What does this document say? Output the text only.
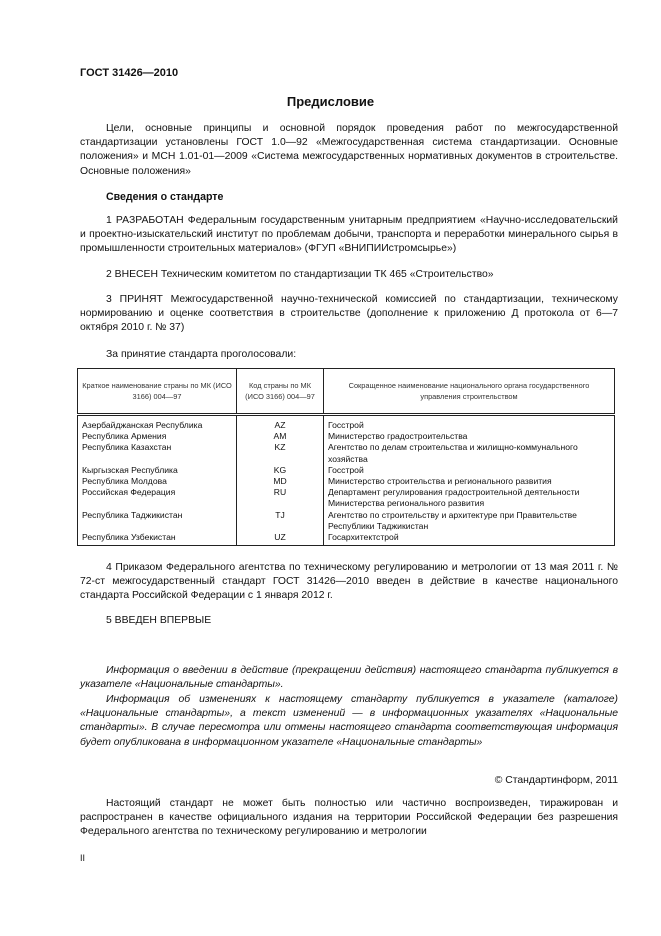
ГОСТ 31426—2010
Предисловие

Цели, основные принципы и основной порядок проведения работ по межгосударственной стандартизации установлены ГОСТ 1.0—92 «Межгосударственная система стандартизации. Основные положения» и МСН 1.01-01—2009 «Система межгосударственных нормативных документов в строительстве. Основные положения»

Сведения о стандарте

1 РАЗРАБОТАН Федеральным государственным унитарным предприятием «Научно-исследовательский и проектно-изыскательский институт по проблемам добычи, транспорта и переработки минерального сырья в промышленности строительных материалов» (ФГУП «ВНИПИИстромсырье»)

2 ВНЕСЕН Техническим комитетом по стандартизации ТК 465 «Строительство»

3 ПРИНЯТ Межгосударственной научно-технической комиссией по стандартизации, техническому нормированию и оценке соответствия в строительстве (дополнение к приложению Д протокола от 6—7 октября 2010 г. № 37)

За принятие стандарта проголосовали:

Краткое наименование страны по МК (ИСО 3166) 004—97	Код страны по МК (ИСО 3166) 004—97	Сокращенное наименование национального органа государственного управления строительством
Азербайджанская Республика	AZ	Госстрой
Республика Армения	AM	Министерство градостроительства
Республика Казахстан	KZ	Агентство по делам строительства и жилищно-коммунального хозяйства
Кыргызская Республика	KG	Госстрой
Республика Молдова	MD	Министерство строительства и регионального развития
Российская Федерация	RU	Департамент регулирования градостроительной деятельности Министерства регионального развития
Республика Таджикистан	TJ	Агентство по строительству и архитектуре при Правительстве Республики Таджикистан
Республика Узбекистан	UZ	Госархитектстрой

4 Приказом Федерального агентства по техническому регулированию и метрологии от 13 мая 2011 г. № 72-ст межгосударственный стандарт ГОСТ 31426—2010 введен в действие в качестве национального стандарта Российской Федерации с 1 января 2012 г.

5 ВВЕДЕН ВПЕРВЫЕ

Информация о введении в действие (прекращении действия) настоящего стандарта публикуется в указателе «Национальные стандарты».

Информация об изменениях к настоящему стандарту публикуется в указателе (каталоге) «Национальные стандарты», а текст изменений — в информационных указателях «Национальные стандарты». В случае пересмотра или отмены настоящего стандарта соответствующая информация будет опубликована в информационном указателе «Национальные стандарты»

© Стандартинформ, 2011

Настоящий стандарт не может быть полностью или частично воспроизведен, тиражирован и распространен в качестве официального издания на территории Российской Федерации без разрешения Федерального агентства по техническому регулированию и метрологии

II
